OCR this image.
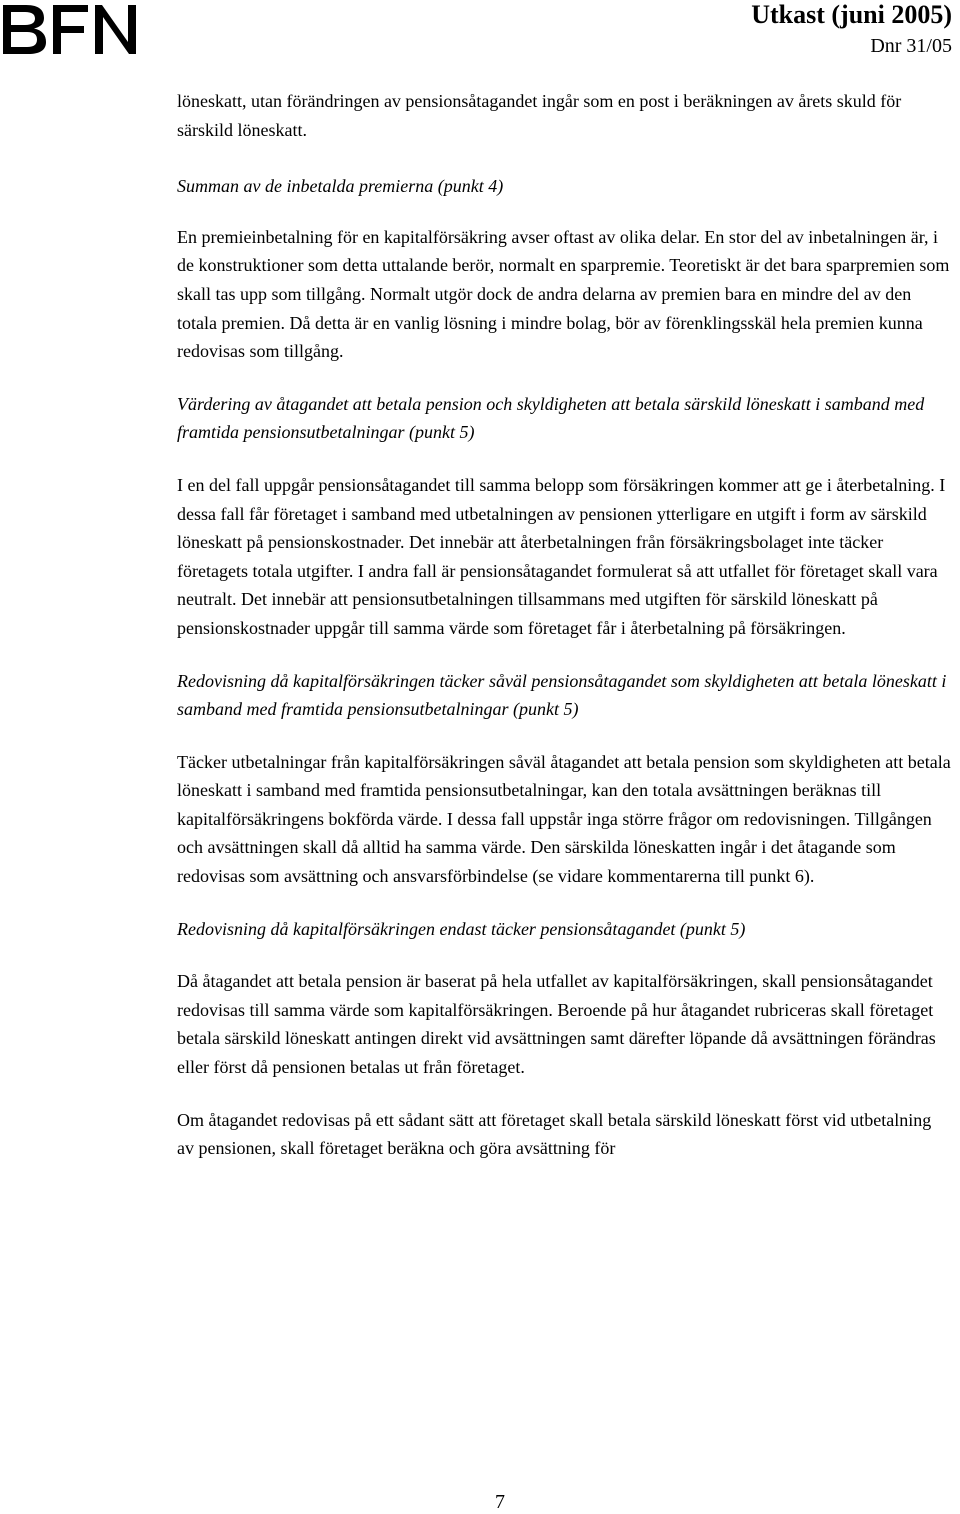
Utkast (juni 2005)
Dnr 31/05

löneskatt, utan förändringen av pensionsåtagandet ingår som en post i beräkningen av årets skuld för särskild löneskatt.

Summan av de inbetalda premierna (punkt 4)

En premieinbetalning för en kapitalförsäkring avser oftast av olika delar. En stor del av inbetalningen är, i de konstruktioner som detta uttalande berör, normalt en sparpremie. Teoretiskt är det bara sparpremien som skall tas upp som tillgång. Normalt utgör dock de andra delarna av premien bara en mindre del av den totala premien. Då detta är en vanlig lösning i mindre bolag, bör av förenklingsskäl hela premien kunna redovisas som tillgång.

Värdering av åtagandet att betala pension och skyldigheten att betala särskild löneskatt i samband med framtida pensionsutbetalningar (punkt 5)

I en del fall uppgår pensionsåtagandet till samma belopp som försäkringen kommer att ge i återbetalning. I dessa fall får företaget i samband med utbetalningen av pensionen ytterligare en utgift i form av särskild löneskatt på pensionskostnader. Det innebär att återbetalningen från försäkringsbolaget inte täcker företagets totala utgifter. I andra fall är pensionsåtagandet formulerat så att utfallet för företaget skall vara neutralt. Det innebär att pensionsutbetalningen tillsammans med utgiften för särskild löneskatt på pensionskostnader uppgår till samma värde som företaget får i återbetalning på försäkringen.

Redovisning då kapitalförsäkringen täcker såväl pensionsåtagandet som skyldigheten att betala löneskatt i samband med framtida pensionsutbetalningar (punkt 5)

Täcker utbetalningar från kapitalförsäkringen såväl åtagandet att betala pension som skyldigheten att betala löneskatt i samband med framtida pensionsutbetalningar, kan den totala avsättningen beräknas till kapitalförsäkringens bokförda värde. I dessa fall uppstår inga större frågor om redovisningen. Tillgången och avsättningen skall då alltid ha samma värde. Den särskilda löneskatten ingår i det åtagande som redovisas som avsättning och ansvarsförbindelse (se vidare kommentarerna till punkt 6).

Redovisning då kapitalförsäkringen endast täcker pensionsåtagandet (punkt 5)

Då åtagandet att betala pension är baserat på hela utfallet av kapitalförsäkringen, skall pensionsåtagandet redovisas till samma värde som kapitalförsäkringen. Beroende på hur åtagandet rubriceras skall företaget betala särskild löneskatt antingen direkt vid avsättningen samt därefter löpande då avsättningen förändras eller först då pensionen betalas ut från företaget.

Om åtagandet redovisas på ett sådant sätt att företaget skall betala särskild löneskatt först vid utbetalning av pensionen, skall företaget beräkna och göra avsättning för

7
